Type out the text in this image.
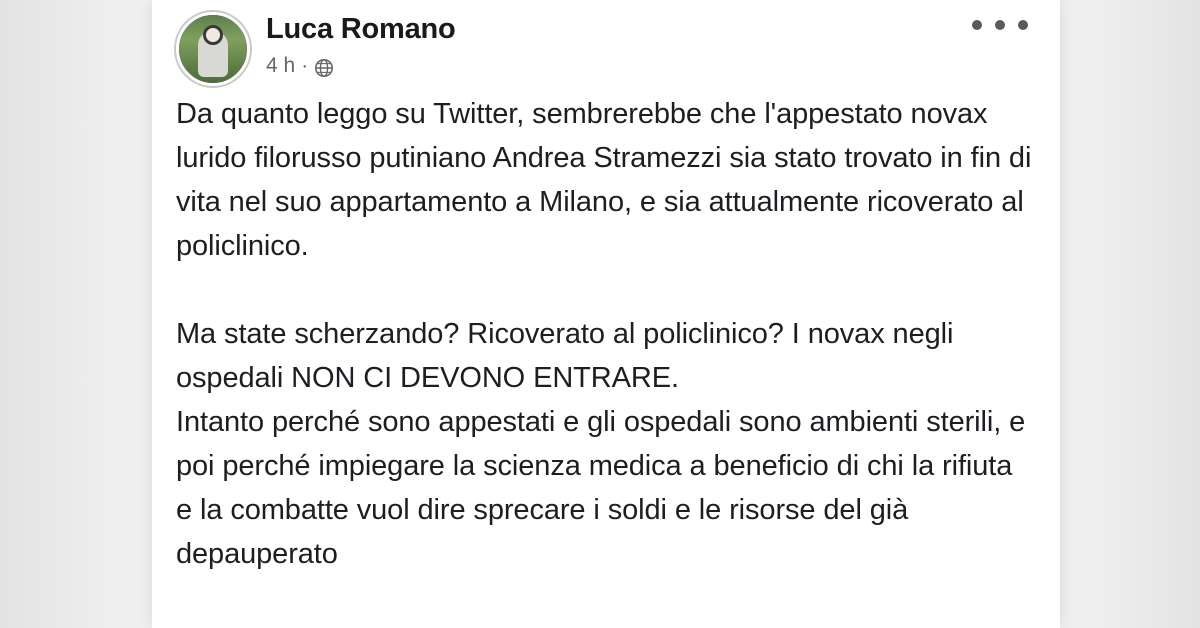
Luca Romano
4 h ·

Da quanto leggo su Twitter, sembrerebbe che l'appestato novax lurido filorusso putiniano Andrea Stramezzi sia stato trovato in fin di vita nel suo appartamento a Milano, e sia attualmente ricoverato al policlinico.

Ma state scherzando? Ricoverato al policlinico? I novax negli ospedali NON CI DEVONO ENTRARE.

Intanto perché sono appestati e gli ospedali sono ambienti sterili, e poi perché impiegare la scienza medica a beneficio di chi la rifiuta e la combatte vuol dire sprecare i soldi e le risorse del già depauperato
